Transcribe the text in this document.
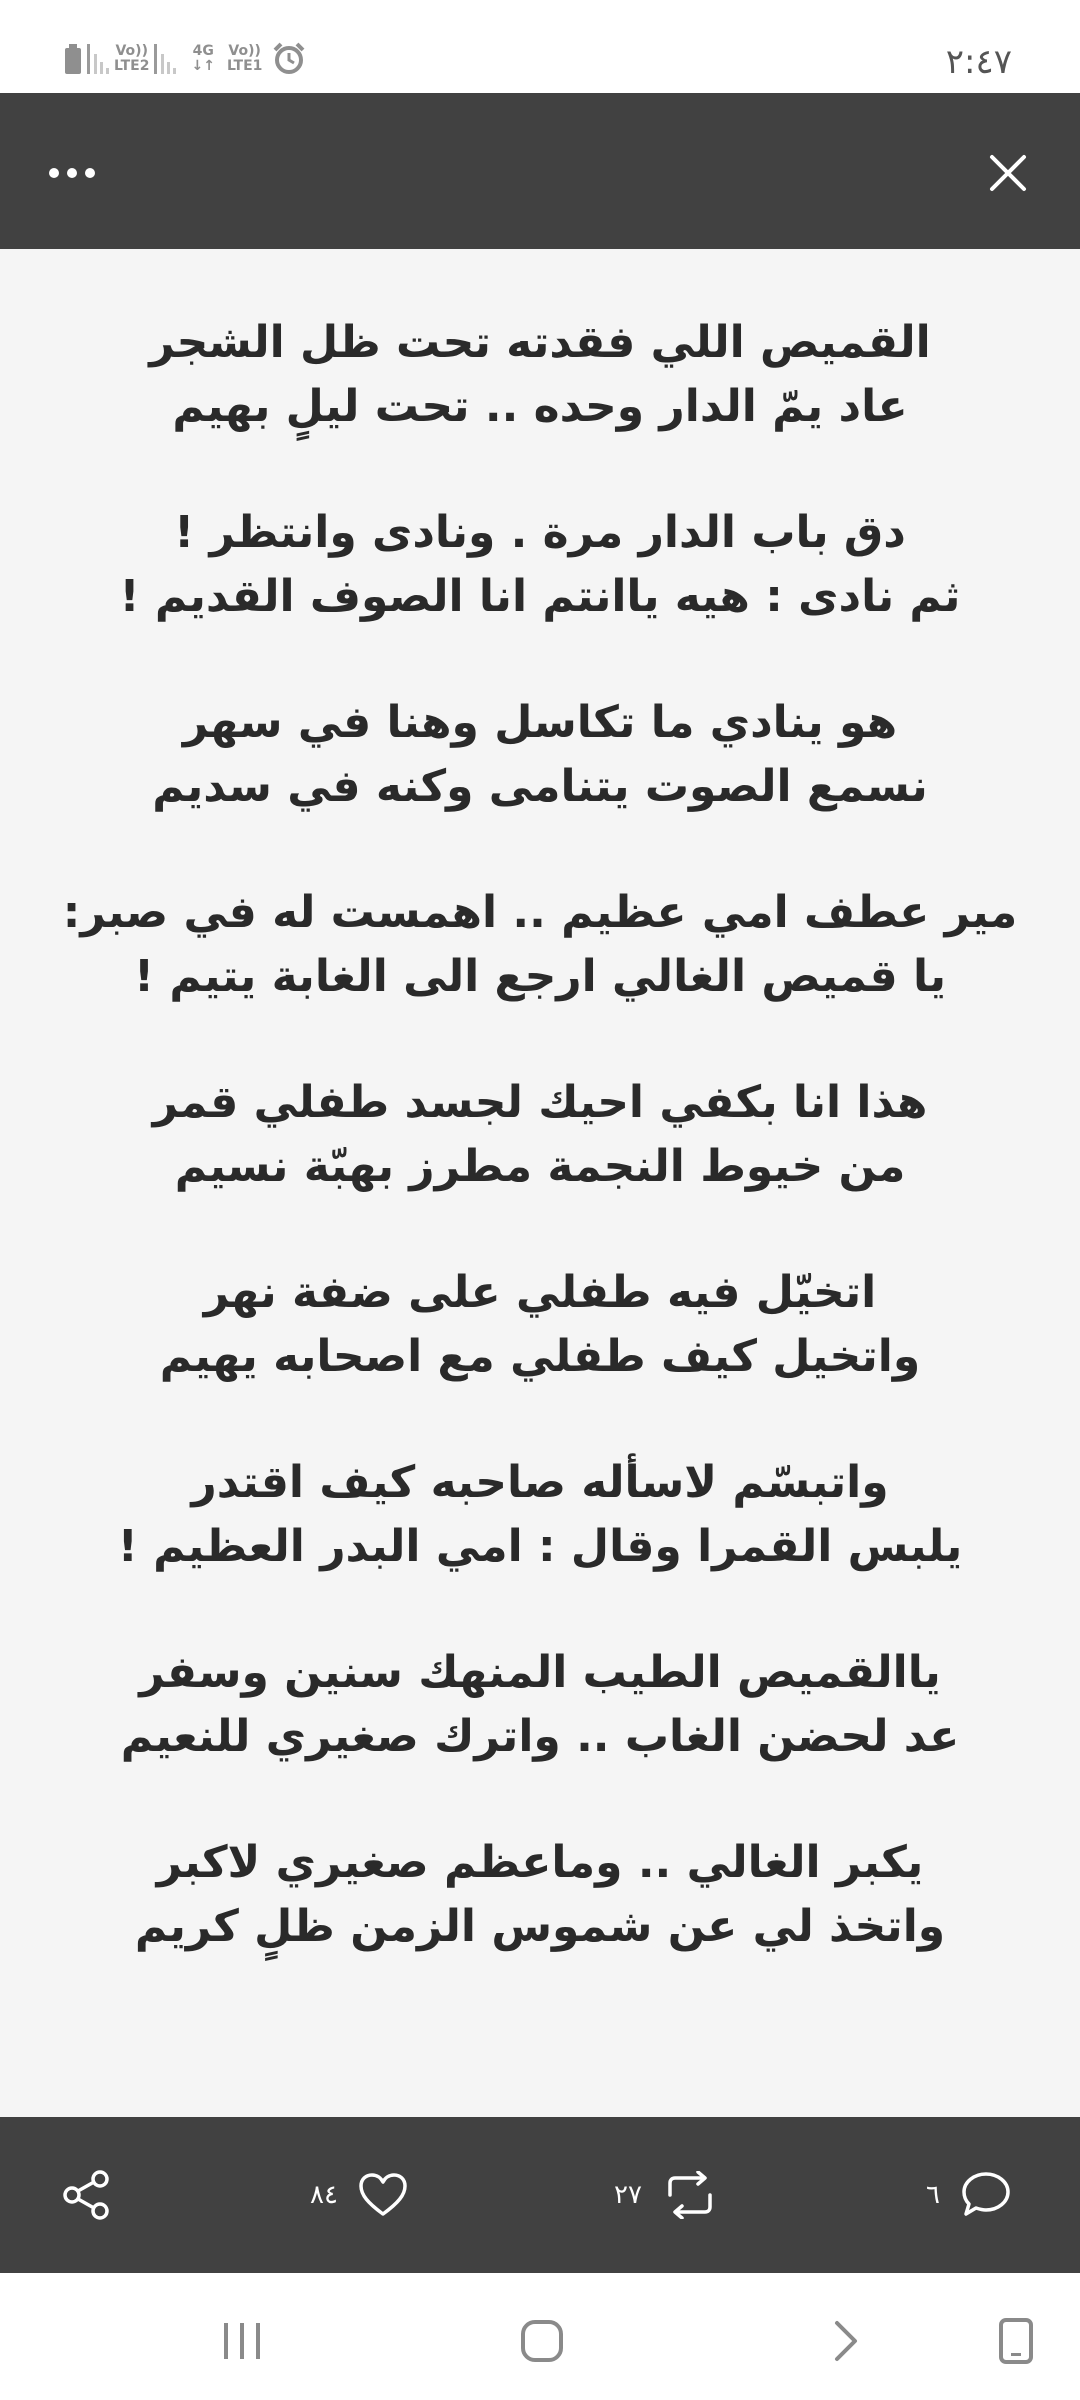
Vo))
LTE2
4G
↓↑
Vo))
LTE1	٢:٤٧
القميص اللي فقدته تحت ظل الشجر
عاد يمّ الدار وحده .. تحت ليلٍ بهيم
دق باب الدار مرة . ونادى وانتظر !
ثم نادى : هيه ياانتم انا الصوف القديم !
هو ينادي ما تكاسل وهنا في سهر
نسمع الصوت يتنامى وكنه في سديم
مير عطف امي عظيم .. اهمست له في صبر:
يا قميص الغالي ارجع الى الغابة يتيم !
هذا انا بكفي احيك لجسد طفلي قمر
من خيوط النجمة مطرز بهبّة نسيم
اتخيّل فيه طفلي على ضفة نهر
واتخيل كيف طفلي مع اصحابه يهيم
واتبسّم لاسأله صاحبه كيف اقتدر
يلبس القمرا وقال : امي البدر العظيم !
ياالقميص الطيب المنهك سنين وسفر
عد لحضن الغاب .. واترك صغيري للنعيم
يكبر الغالي .. وماعظم صغيري لاكبر
واتخذ لي عن شموس الزمن ظلٍ كريم
٨٤	٢٧	٦
